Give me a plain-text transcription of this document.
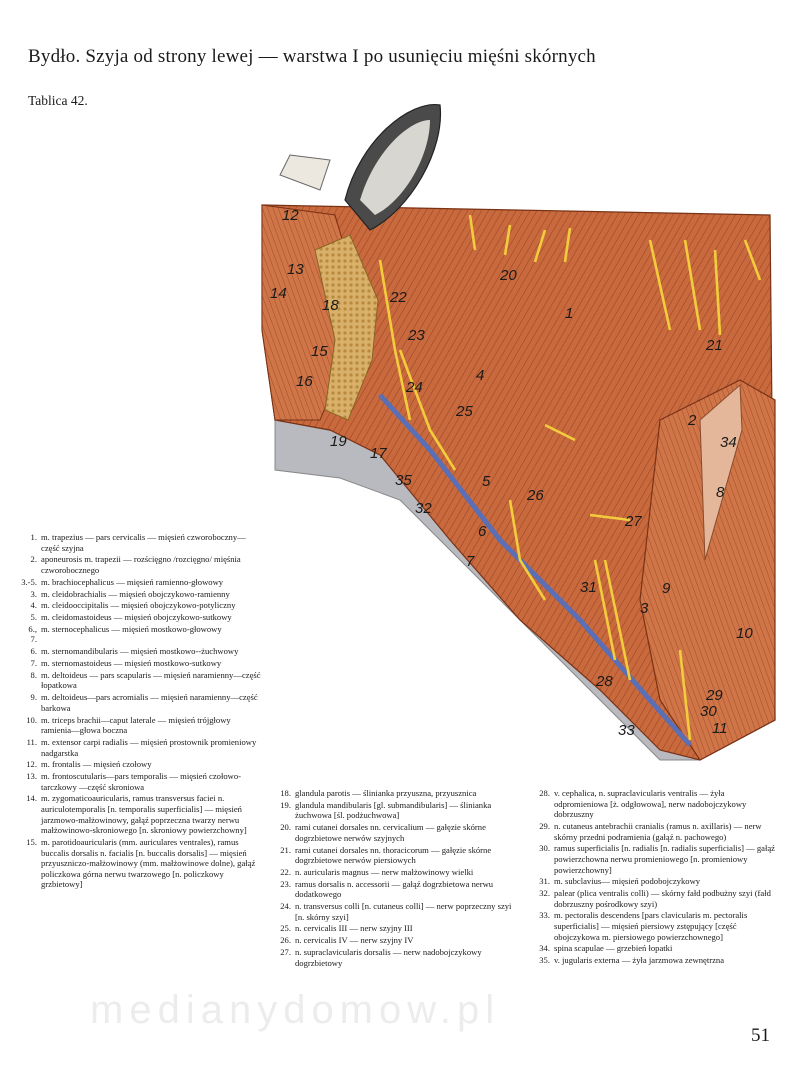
Bydło. Szyja od strony lewej — warstwa I po usunięciu mięśni skórnych
Tablica 42.
1
2
3
4
5
6
7
8
9
10
11
12
13
14
15
16
17
18
19
20
21
22
23
24
25
26
27
28
29
30
31
32
33
34
35
1. m. trapezius — pars cervicalis — mięsień czworoboczny—część szyjna
2. aponeurosis m. trapezii — rozścięgno /rozcięgno/ mięśnia czworobocznego
3.-5. m. brachiocephalicus — mięsień ramienno-głowowy
3. m. cleidobrachialis — mięsień obojczykowo-ramienny
4. m. cleidooccipitalis — mięsień obojczykowo-potyliczny
5. m. cleidomastoideus — mięsień obojczykowo-sutkowy
6., 7.
m. sternocephalicus — mięsień mostkowo-głowowy
6. m. sternomandibularis — mięsień mostkowo--żuchwowy
7. m. sternomastoideus — mięsień mostkowo-sutkowy
8. m. deltoideus — pars scapularis — mięsień naramienny—część łopatkowa
9. m. deltoideus—pars acromialis — mięsień naramienny—część barkowa
10. m. triceps brachii—caput laterale — mięsień trójgłowy ramienia—głowa boczna
11. m. extensor carpi radialis — mięsień prostownik promieniowy nadgarstka
12. m. frontalis — mięsień czołowy
13. m. frontoscutularis—pars temporalis — mięsień czołowo-tarczkowy —część skroniowa
14. m. zygomaticoauricularis, ramus transversus faciei n. auriculotemporalis [n. temporalis superficialis] — mięsień jarzmowo-małżowinowy, gałąź poprzeczna twarzy nerwu małżowinowo-skroniowego [n. skroniowy powierzchowny]
15. m. parotidoauricularis (mm. auriculares ventrales), ramus buccalis dorsalis n. facialis [n. buccalis dorsalis] — mięsień przyuszniczo-małżowinowy (mm. małżowinowe dolne), gałąź policzkowa górna nerwu twarzowego [n. policzkowy grzbietowy]
18. glandula parotis — ślinianka przyuszna, przyusznica
19. glandula mandibularis [gl. submandibularis] — ślinianka żuchwowa [śl. podżuchwowa]
20. rami cutanei dorsales nn. cervicalium — gałęzie skórne dogrzbietowe nerwów szyjnych
21. rami cutanei dorsales nn. thoracicorum — gałęzie skórne dogrzbietowe nerwów piersiowych
22. n. auricularis magnus — nerw małżowinowy wielki
23. ramus dorsalis n. accessorii — gałąź dogrzbietowa nerwu dodatkowego
24. n. transversus colli [n. cutaneus colli] — nerw poprzeczny szyi [n. skórny szyi]
25. n. cervicalis III — nerw szyjny III
26. n. cervicalis IV — nerw szyjny IV
27. n. supraclavicularis dorsalis — nerw nadobojczykowy dogrzbietowy
28. v. cephalica, n. supraclavicularis ventralis — żyła odpromieniowa [ż. odgłowowa], nerw nadobojczykowy dobrzuszny
29. n. cutaneus antebrachii cranialis (ramus n. axillaris) — nerw skórny przedni podramienia (gałąź n. pachowego)
30. ramus superficialis [n. radialis [n. radialis superficialis] — gałąź powierzchowna nerwu promieniowego [n. promieniowy powierzchowny]
31. m. subclavius— mięsień podobojczykowy
32. palear (plica ventralis colli) — skórny fałd podbużny szyi (fałd dobrzuszny pośrodkowy szyi)
33. m. pectoralis descendens [pars clavicularis m. pectoralis superficialis] — mięsień piersiowy zstępujący [część obojczykowa m. piersiowego powierzchownego]
34. spina scapulae — grzebień łopatki
35. v. jugularis externa — żyła jarzmowa zewnętrzna
medianydomow.pl
51
